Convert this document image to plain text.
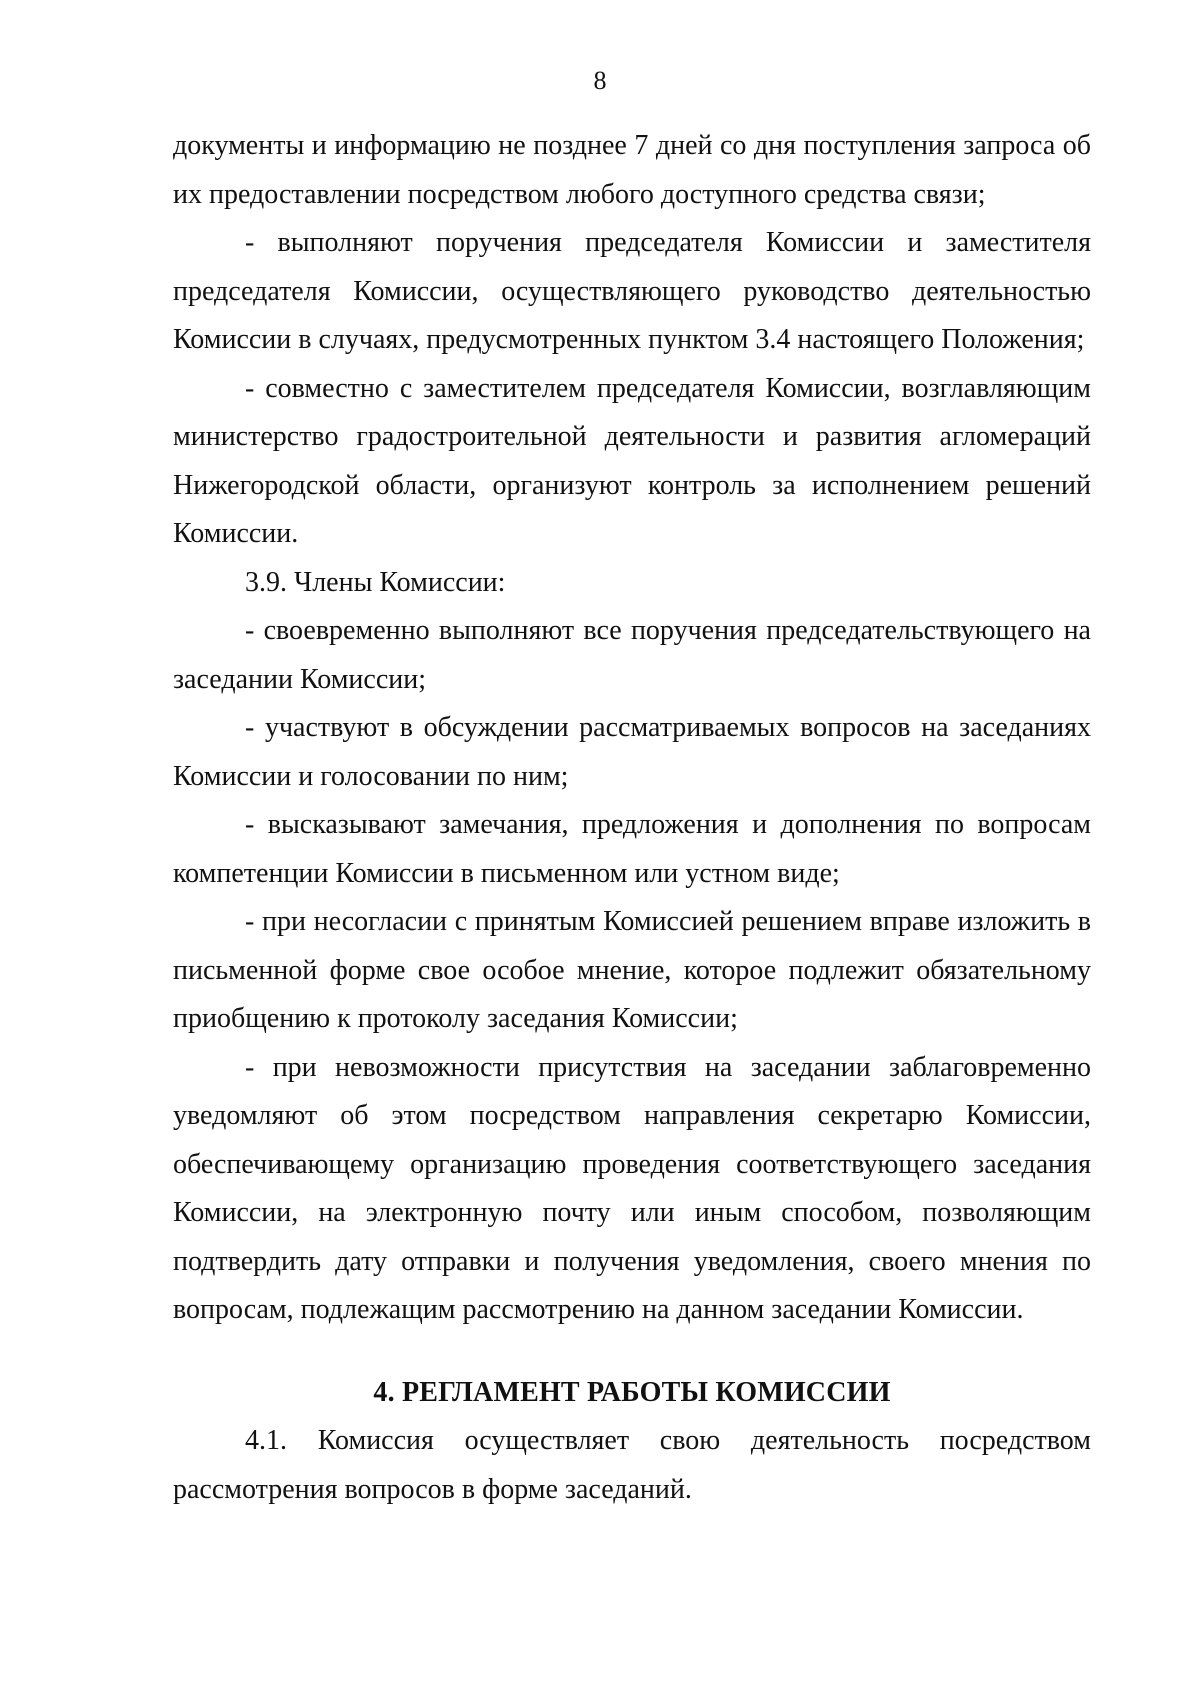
8

документы и информацию не позднее 7 дней со дня поступления запроса об их предоставлении посредством любого доступного средства связи;

- выполняют поручения председателя Комиссии и заместителя председателя Комиссии, осуществляющего руководство деятельностью Комиссии в случаях, предусмотренных пунктом 3.4 настоящего Положения;

- совместно с заместителем председателя Комиссии, возглавляющим министерство градостроительной деятельности и развития агломераций Нижегородской области, организуют контроль за исполнением решений Комиссии.

3.9. Члены Комиссии:

- своевременно выполняют все поручения председательствующего на заседании Комиссии;

- участвуют в обсуждении рассматриваемых вопросов на заседаниях Комиссии и голосовании по ним;

- высказывают замечания, предложения и дополнения по вопросам компетенции Комиссии в письменном или устном виде;

- при несогласии с принятым Комиссией решением вправе изложить в письменной форме свое особое мнение, которое подлежит обязательному приобщению к протоколу заседания Комиссии;

- при невозможности присутствия на заседании заблаговременно уведомляют об этом посредством направления секретарю Комиссии, обеспечивающему организацию проведения соответствующего заседания Комиссии, на электронную почту или иным способом, позволяющим подтвердить дату отправки и получения уведомления, своего мнения по вопросам, подлежащим рассмотрению на данном заседании Комиссии.

4. РЕГЛАМЕНТ РАБОТЫ КОМИССИИ

4.1. Комиссия осуществляет свою деятельность посредством рассмотрения вопросов в форме заседаний.
